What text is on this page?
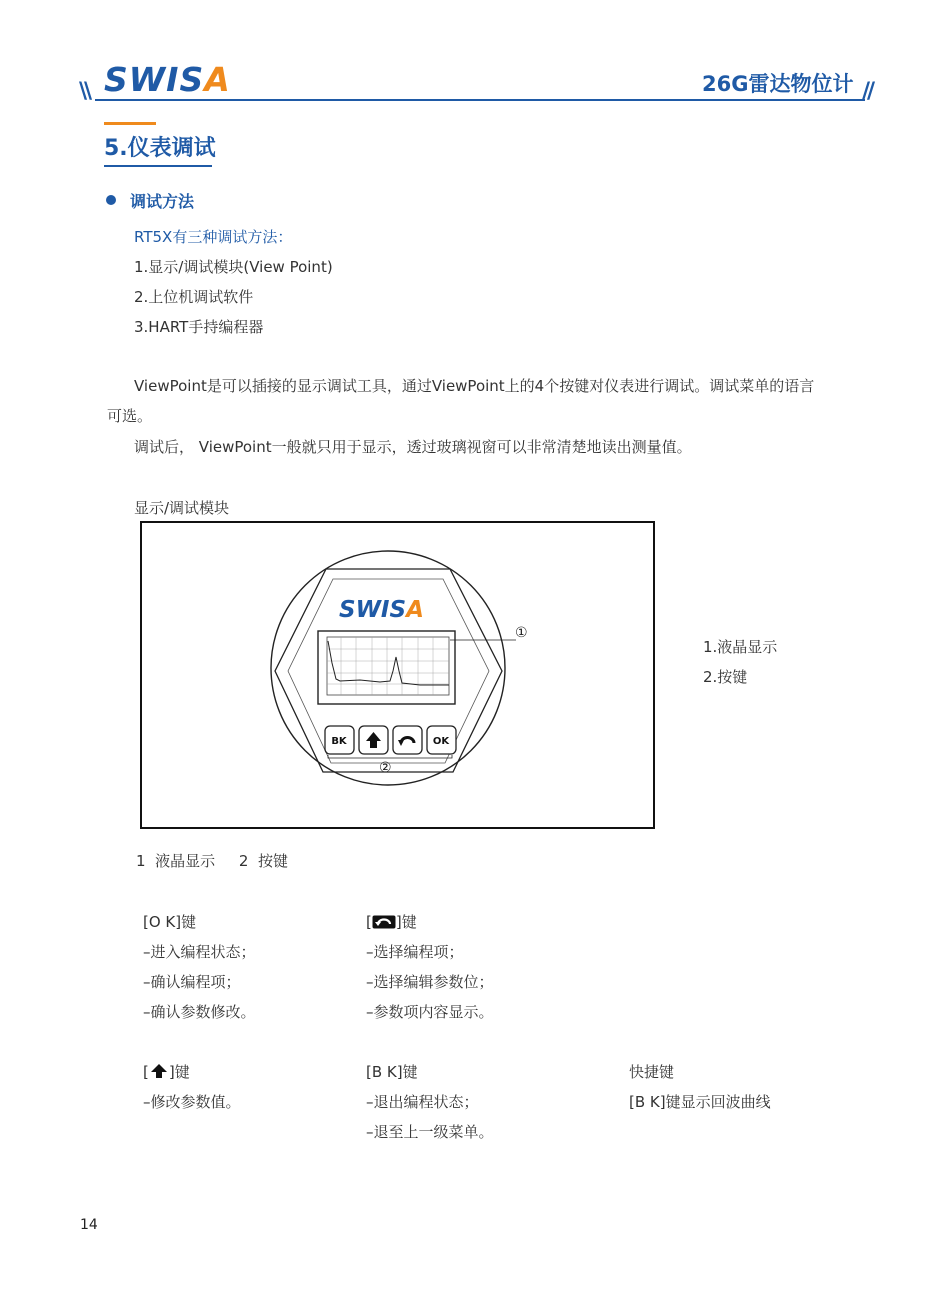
\\ SWISA	26G雷达物位计 //
5.仪表调试
调试方法
RT5X有三种调试方法：
1.显示/调试模块(View Point)
2.上位机调试软件
3.HART手持编程器
ViewPoint是可以插接的显示调试工具，通过ViewPoint上的4个按键对仪表进行调试。调试菜单的语言
可选。
调试后， ViewPoint一般就只用于显示，透过玻璃视窗可以非常清楚地读出测量值。
显示/调试模块
SWISA
①
BK	OK
②
1.液晶显示
2.按键
1  液晶显示     2  按键
[O K]键
–进入编程状态；
–确认编程项；
–确认参数修改。
[ ]键
–选择编程项；
–选择编辑参数位；
–参数项内容显示。
[ ]键
–修改参数值。
[B K]键
–退出编程状态；
–退至上一级菜单。
快捷键
[B K]键显示回波曲线
14
